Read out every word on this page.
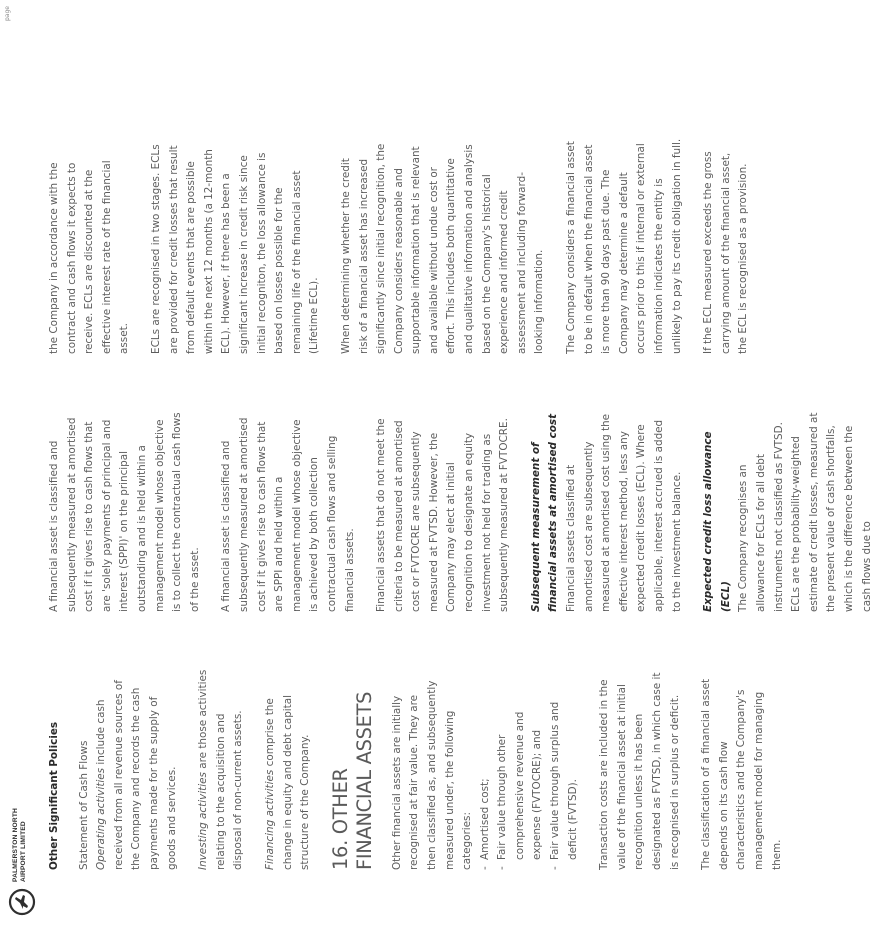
PALMERSTON NORTH AIRPORT LIMITED
page

Other Significant Policies	Statement of Cash Flows Operating activities include cash received from all revenue sources of the Company and records the cash payments made for the supply of goods and services.	Investing activities are those activities relating to the acquisition and disposal of non-current assets.	Financing activities comprise the change in equity and debt capital structure of the Company. 16. OTHER FINANCIAL ASSETS Other financial assets are initially recognised at fair value. They are then classified as, and subsequently measured under, the following categories: - Amortised cost; - Fair value through other comprehensive revenue and expense (FVTOCRE); and - Fair value through surplus and deficit (FVTSD).	Transaction costs are included in the value of the financial asset at initial recognition unless it has been designated as FVTSD, in which case it is recognised in surplus or deficit.	The classification of a financial asset depends on its cash flow characteristics and the Company's management model for managing them.

A financial asset is classified and subsequently measured at amortised cost if it gives rise to cash flows that are 'solely payments of principal and interest (SPPI)' on the principal outstanding and is held within a management model whose objective is to collect the contractual cash flows of the asset.	A financial asset is classified and subsequently measured at amortised cost if it gives rise to cash flows that are SPPI and held within a management model whose objective is achieved by both collection contractual cash flows and selling financial assets.	Financial assets that do not meet the criteria to be measured at amortised cost or FVTOCRE are subsequently measured at FVTSD. However, the Company may elect at initial recognition to designate an equity investment not held for trading as subsequently measured at FVTOCRE.	Subsequent measurement of financial assets at amortised cost Financial assets classified at amortised cost are subsequently measured at amortised cost using the effective interest method, less any expected credit losses (ECL). Where applicable, interest accrued is added to the investment balance.	Expected credit loss allowance (ECL) The Company recognises an allowance for ECLs for all debt instruments not classified as FVTSD. ECLs are the probability-weighted estimate of credit losses, measured at the present value of cash shortfalls, which is the difference between the cash flows due to

the Company in accordance with the contract and cash flows it expects to receive. ECLs are discounted at the effective interest rate of the financial asset.	ECLs are recognised in two stages. ECLs are provided for credit losses that result from default events that are possible within the next 12 months (a 12-month ECL). However, if there has been a significant increase in credit risk since initial recogniton, the loss allowance is based on losses possible for the remaining life of the financial asset (Lifetime ECL).	When determining whether the credit risk of a financial asset has increased significantly since initial recognition, the Company considers reasonable and supportable information that is relevant and available without undue cost or effort. This includes both quantitative and qualitative information and analysis based on the Company's historical experience and informed credit assessment and including forward-looking information.	The Company considers a financial asset to be in default when the financial asset is more than 90 days past due. The Company may determine a default occurs prior to this if internal or external information indicates the entity is unlikely to pay its credit obligation in full.	If the ECL measured exceeds the gross carrying amount of the financial asset, the ECL is recognised as a provision.
